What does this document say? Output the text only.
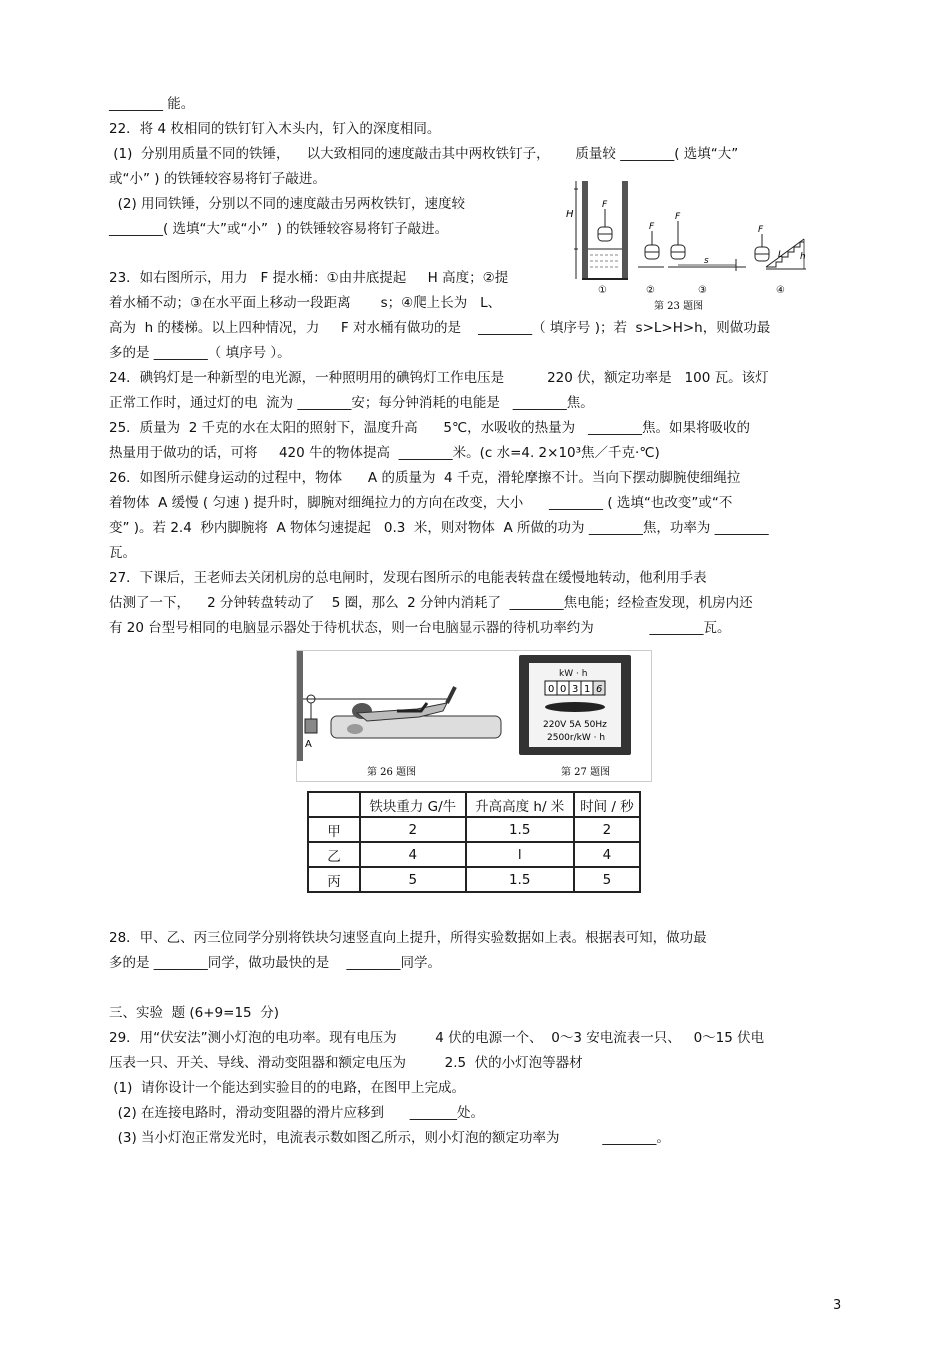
________ 能。
22．将 4 枚相同的铁钉钉入木头内，钉入的深度相同。
(1)  分别用质量不同的铁锤，    以大致相同的速度敲击其中两枚铁钉子，      质量较 ________( 选填“大”
或“小” ) 的铁锤较容易将钉子敲进。
(2) 用同铁锤，分别以不同的速度敲击另两枚铁钉，速度较
________( 选填“大”或“小”  ) 的铁锤较容易将钉子敲进。
23．如右图所示，用力   F 提水桶：①由井底提起     H 高度；②提
着水桶不动；③在水平面上移动一段距离       s；④爬上长为   L、
高为  h 的楼梯。以上四种情况，力     F 对水桶有做功的是    ________（ 填序号 )；若  s>L>H>h，则做功最
多的是 ________（ 填序号 ）。
24．碘钨灯是一种新型的电光源，一种照明用的碘钨灯工作电压是          220 伏，额定功率是   100 瓦。该灯
正常工作时，通过灯的电  流为 ________安；每分钟消耗的电能是   ________焦。
25．质量为  2 千克的水在太阳的照射下，温度升高      5℃，水吸收的热量为   ________焦。如果将吸收的
热量用于做功的话，可将     420 牛的物体提高  ________米。(c 水=4. 2×10³焦／千克·℃)
26．如图所示健身运动的过程中，物体      A 的质量为  4 千克，滑轮摩擦不计。当向下摆动脚腕使细绳拉
着物体  A 缓慢 ( 匀速 ) 提升时，脚腕对细绳拉力的方向在改变，大小      ________ ( 选填“也改变”或“不
变” )。若 2.4  秒内脚腕将  A 物体匀速提起   0.3  米，则对物体  A 所做的功为 ________焦，功率为 ________
瓦。
27．下课后，王老师去关闭机房的总电闸时，发现右图所示的电能表转盘在缓慢地转动，他利用手表
估测了一下，    2 分钟转盘转动了    5 圈，那么  2 分钟内消耗了  ________焦电能；经检查发现，机房内还
有 20 台型号相同的电脑显示器处于待机状态，则一台电脑显示器的待机功率约为             ________瓦。
H
F
F
F
s
F
L h
①	②	③	④
第 23 题图
A
第 26 题图
kW · h
0 0 3 1 6
220V 5A 50Hz
2500r/kW · h
第 27 题图
	铁块重力 G/牛	升高高度 h/ 米	时间 / 秒
甲	2	1.5	2
乙	4	l	4
丙	5	1.5	5
28．甲、乙、丙三位同学分别将铁块匀速竖直向上提升，所得实验数据如上表。根据表可知，做功最
多的是 ________同学，做功最快的是    ________同学。
三、实验  题 (6+9=15  分)
29．用“伏安法”测小灯泡的电功率。现有电压为         4 伏的电源一个、  0～3 安电流表一只、   0～15 伏电
压表一只、开关、导线、滑动变阻器和额定电压为         2.5  伏的小灯泡等器材
(1)  请你设计一个能达到实验目的的电路，在图甲上完成。
(2) 在连接电路时，滑动变阻器的滑片应移到      _______处。
(3) 当小灯泡正常发光时，电流表示数如图乙所示，则小灯泡的额定功率为          ________。
3
